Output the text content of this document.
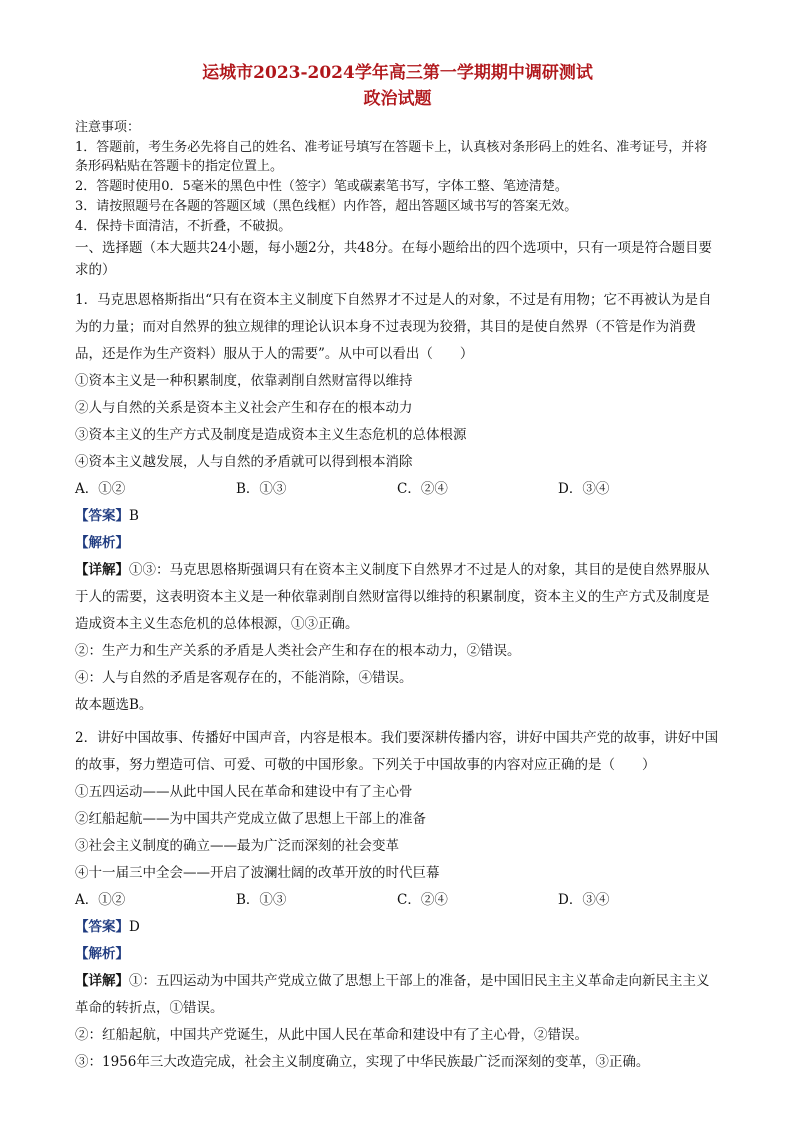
运城市2023-2024学年高三第一学期期中调研测试

政治试题

注意事项：

1．答题前，考生务必先将自己的姓名、准考证号填写在答题卡上，认真核对条形码上的姓名、准考证号，并将条形码粘贴在答题卡的指定位置上。

2．答题时使用0．5毫米的黑色中性（签字）笔或碳素笔书写，字体工整、笔迹清楚。

3．请按照题号在各题的答题区域（黑色线框）内作答，超出答题区域书写的答案无效。

4．保持卡面清洁，不折叠，不破损。

一、选择题（本大题共24小题，每小题2分，共48分。在每小题给出的四个选项中，只有一项是符合题目要求的）

1．马克思恩格斯指出“只有在资本主义制度下自然界才不过是人的对象，不过是有用物；它不再被认为是自为的力量；而对自然界的独立规律的理论认识本身不过表现为狡猾，其目的是使自然界（不管是作为消费品，还是作为生产资料）服从于人的需要”。从中可以看出（　　）

①资本主义是一种积累制度，依靠剥削自然财富得以维持

②人与自然的关系是资本主义社会产生和存在的根本动力

③资本主义的生产方式及制度是造成资本主义生态危机的总体根源

④资本主义越发展，人与自然的矛盾就可以得到根本消除

A．①②	B．①③	C．②④	D．③④

【答案】B

【解析】

【详解】①③：马克思恩格斯强调只有在资本主义制度下自然界才不过是人的对象，其目的是使自然界服从于人的需要，这表明资本主义是一种依靠剥削自然财富得以维持的积累制度，资本主义的生产方式及制度是造成资本主义生态危机的总体根源，①③正确。

②：生产力和生产关系的矛盾是人类社会产生和存在的根本动力，②错误。

④：人与自然的矛盾是客观存在的，不能消除，④错误。

故本题选B。

2．讲好中国故事、传播好中国声音，内容是根本。我们要深耕传播内容，讲好中国共产党的故事，讲好中国的故事，努力塑造可信、可爱、可敬的中国形象。下列关于中国故事的内容对应正确的是（　　）

①五四运动——从此中国人民在革命和建设中有了主心骨

②红船起航——为中国共产党成立做了思想上干部上的准备

③社会主义制度的确立——最为广泛而深刻的社会变革

④十一届三中全会——开启了波澜壮阔的改革开放的时代巨幕

A．①②	B．①③	C．②④	D．③④

【答案】D

【解析】

【详解】①：五四运动为中国共产党成立做了思想上干部上的准备，是中国旧民主主义革命走向新民主主义革命的转折点，①错误。

②：红船起航，中国共产党诞生，从此中国人民在革命和建设中有了主心骨，②错误。

③：1956年三大改造完成，社会主义制度确立，实现了中华民族最广泛而深刻的变革，③正确。
